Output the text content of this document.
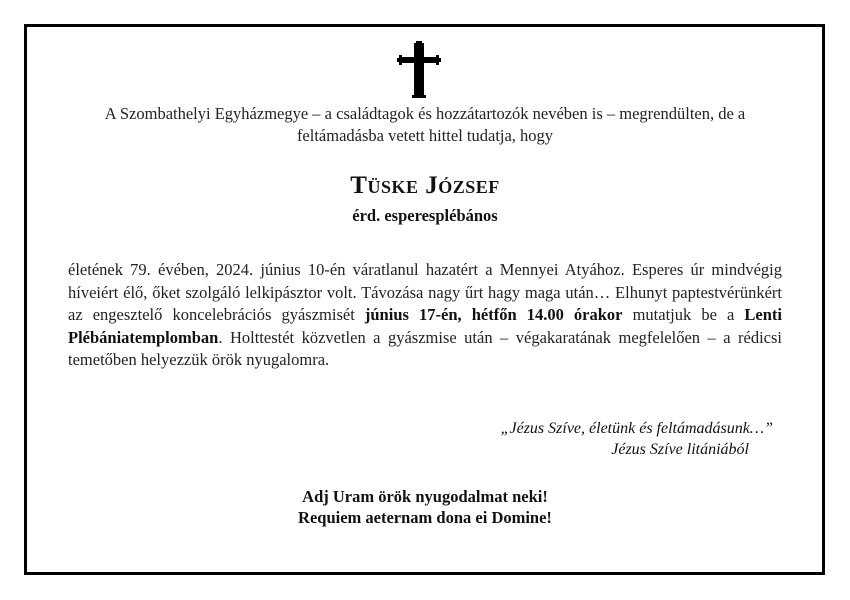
A Szombathelyi Egyházmegye – a családtagok és hozzátartozók nevében is – megrendülten, de a feltámadásba vetett hittel tudatja, hogy
Tüske József
érd. esperesplébános
életének 79. évében, 2024. június 10-én váratlanul hazatért a Mennyei Atyához. Esperes úr mindvégig híveiért élő, őket szolgáló lelkipásztor volt. Távozása nagy űrt hagy maga után… Elhunyt paptestvérünkért az engesztelő koncelebrációs gyászmisét június 17-én, hétfőn 14.00 órakor mutatjuk be a Lenti Plébániatemplomban. Holttestét közvetlen a gyászmise után – végakaratának megfelelően – a rédicsi temetőben helyezzük örök nyugalomra.
„Jézus Szíve, életünk és feltámadásunk…”
Jézus Szíve litániából
Adj Uram örök nyugodalmat neki!
Requiem aeternam dona ei Domine!
